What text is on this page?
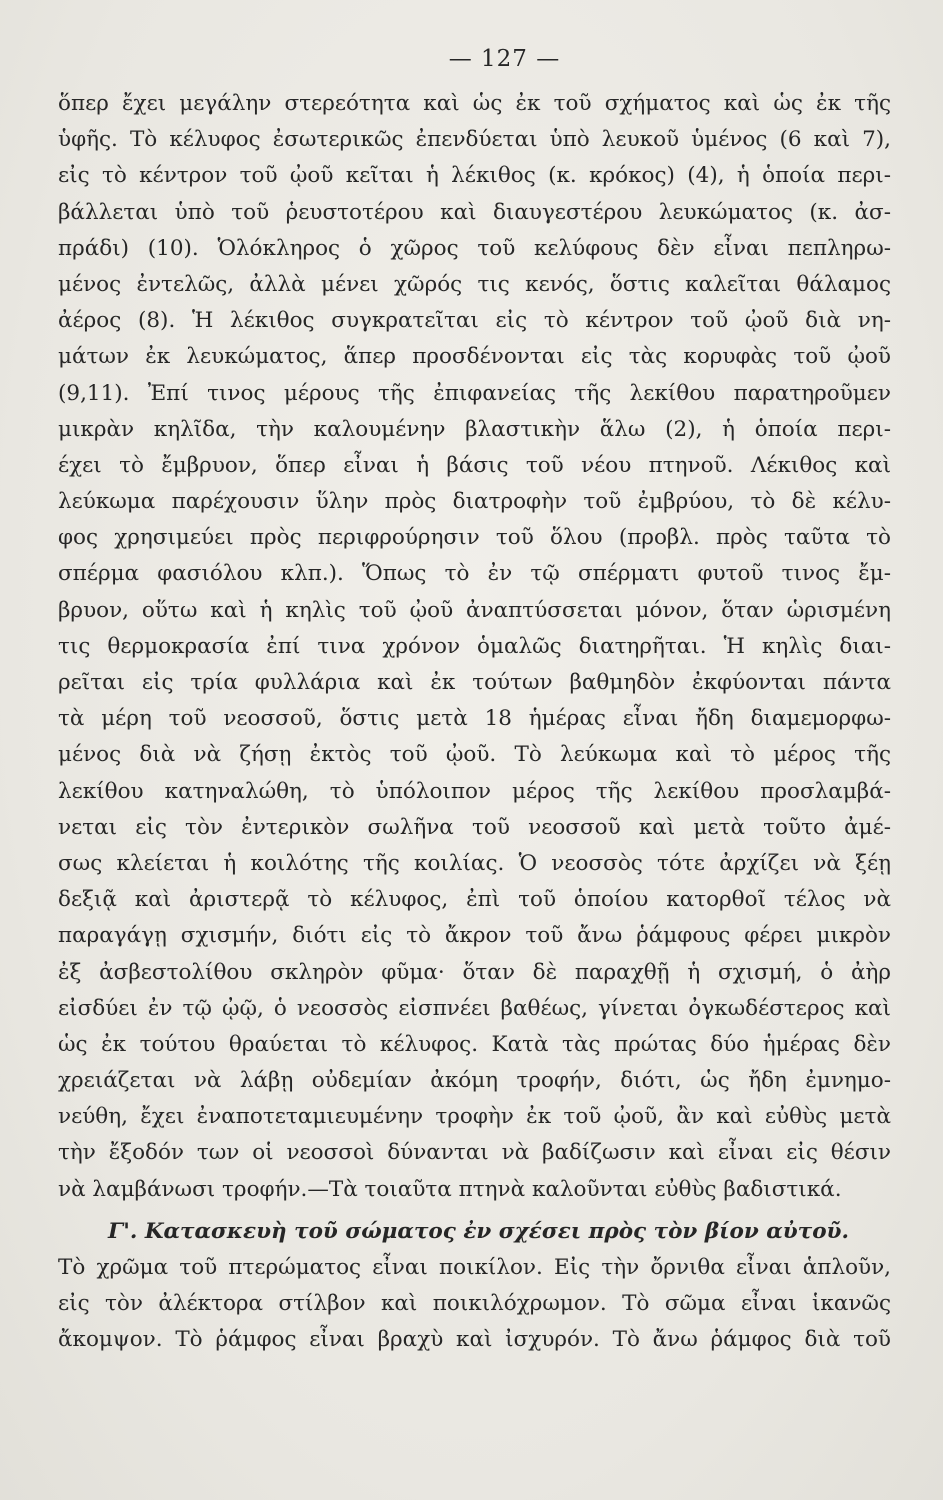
— 127 —
ὅπερ ἔχει μεγάλην στερεότητα καὶ ὡς ἐκ τοῦ σχήματος καὶ ὡς ἐκ τῆς
ὑφῆς. Τὸ κέλυφος ἐσωτερικῶς ἐπενδύεται ὑπὸ λευκοῦ ὑμένος (6 καὶ 7),
εἰς τὸ κέντρον τοῦ ᾠοῦ κεῖται ἡ λέκιθος (κ. κρόκος) (4), ἡ ὁποία περι-
βάλλεται ὑπὸ τοῦ ῥευστοτέρου καὶ διαυγεστέρου λευκώματος (κ. ἀσ-
πράδι) (10). Ὁλόκληρος ὁ χῶρος τοῦ κελύφους δὲν εἶναι πεπληρω-
μένος ἐντελῶς, ἀλλὰ μένει χῶρός τις κενός, ὅστις καλεῖται θάλαμος
ἀέρος (8). Ἡ λέκιθος συγκρατεῖται εἰς τὸ κέντρον τοῦ ᾠοῦ διὰ νη-
μάτων ἐκ λευκώματος, ἅπερ προσδένονται εἰς τὰς κορυφὰς τοῦ ᾠοῦ
(9,11). Ἐπί τινος μέρους τῆς ἐπιφανείας τῆς λεκίθου παρατηροῦμεν
μικρὰν κηλῖδα, τὴν καλουμένην βλαστικὴν ἅλω (2), ἡ ὁποία περι-
έχει τὸ ἔμβρυον, ὅπερ εἶναι ἡ βάσις τοῦ νέου πτηνοῦ. Λέκιθος καὶ
λεύκωμα παρέχουσιν ὕλην πρὸς διατροφὴν τοῦ ἐμβρύου, τὸ δὲ κέλυ-
φος χρησιμεύει πρὸς περιφρούρησιν τοῦ ὅλου (προβλ. πρὸς ταῦτα τὸ
σπέρμα φασιόλου κλπ.). Ὅπως τὸ ἐν τῷ σπέρματι φυτοῦ τινος ἔμ-
βρυον, οὕτω καὶ ἡ κηλὶς τοῦ ᾠοῦ ἀναπτύσσεται μόνον, ὅταν ὡρισμένη
τις θερμοκρασία ἐπί τινα χρόνον ὁμαλῶς διατηρῆται. Ἡ κηλὶς διαι-
ρεῖται εἰς τρία φυλλάρια καὶ ἐκ τούτων βαθμηδὸν ἐκφύονται πάντα
τὰ μέρη τοῦ νεοσσοῦ, ὅστις μετὰ 18 ἡμέρας εἶναι ἤδη διαμεμορφω-
μένος διὰ νὰ ζήσῃ ἐκτὸς τοῦ ᾠοῦ. Τὸ λεύκωμα καὶ τὸ μέρος τῆς
λεκίθου κατηναλώθη, τὸ ὑπόλοιπον μέρος τῆς λεκίθου προσλαμβά-
νεται εἰς τὸν ἐντερικὸν σωλῆνα τοῦ νεοσσοῦ καὶ μετὰ τοῦτο ἀμέ-
σως κλείεται ἡ κοιλότης τῆς κοιλίας. Ὁ νεοσσὸς τότε ἀρχίζει νὰ ξέῃ
δεξιᾷ καὶ ἀριστερᾷ τὸ κέλυφος, ἐπὶ τοῦ ὁποίου κατορθοῖ τέλος νὰ
παραγάγῃ σχισμήν, διότι εἰς τὸ ἄκρον τοῦ ἄνω ῥάμφους φέρει μικρὸν
ἐξ ἀσβεστολίθου σκληρὸν φῦμα· ὅταν δὲ παραχθῇ ἡ σχισμή, ὁ ἀὴρ
εἰσδύει ἐν τῷ ᾠῷ, ὁ νεοσσὸς εἰσπνέει βαθέως, γίνεται ὀγκωδέστερος καὶ
ὡς ἐκ τούτου θραύεται τὸ κέλυφος. Κατὰ τὰς πρώτας δύο ἡμέρας δὲν
χρειάζεται νὰ λάβῃ οὐδεμίαν ἀκόμη τροφήν, διότι, ὡς ἤδη ἐμνημο-
νεύθη, ἔχει ἐναποτεταμιευμένην τροφὴν ἐκ τοῦ ᾠοῦ, ἂν καὶ εὐθὺς μετὰ
τὴν ἔξοδόν των οἱ νεοσσοὶ δύνανται νὰ βαδίζωσιν καὶ εἶναι εἰς θέσιν
νὰ λαμβάνωσι τροφήν.—Τὰ τοιαῦτα πτηνὰ καλοῦνται εὐθὺς βαδιστικά.
Γ'. Κατασκευὴ τοῦ σώματος ἐν σχέσει πρὸς τὸν βίον αὐτοῦ.
Τὸ χρῶμα τοῦ πτερώματος εἶναι ποικίλον. Εἰς τὴν ὄρνιθα εἶναι ἁπλοῦν,
εἰς τὸν ἀλέκτορα στίλβον καὶ ποικιλόχρωμον. Τὸ σῶμα εἶναι ἱκανῶς
ἄκομψον. Τὸ ῥάμφος εἶναι βραχὺ καὶ ἰσχυρόν. Τὸ ἄνω ῥάμφος διὰ τοῦ
